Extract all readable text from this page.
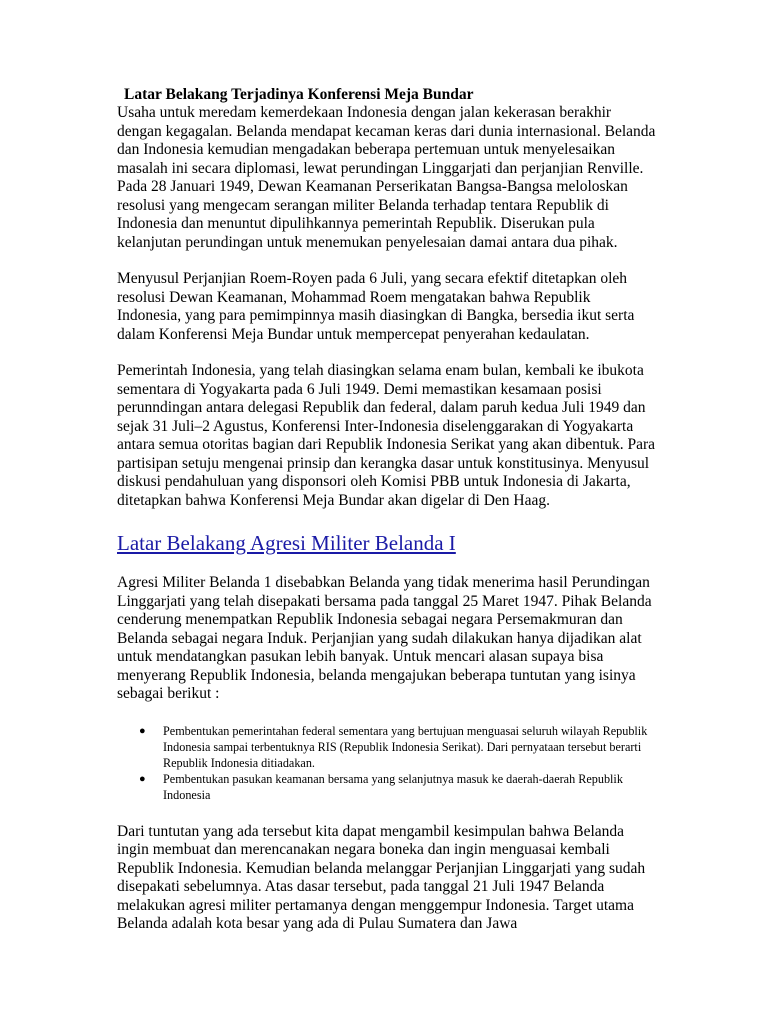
Latar Belakang Terjadinya Konferensi Meja Bundar

Usaha untuk meredam kemerdekaan Indonesia dengan jalan kekerasan berakhir dengan kegagalan. Belanda mendapat kecaman keras dari dunia internasional. Belanda dan Indonesia kemudian mengadakan beberapa pertemuan untuk menyelesaikan masalah ini secara diplomasi, lewat perundingan Linggarjati dan perjanjian Renville. Pada 28 Januari 1949, Dewan Keamanan Perserikatan Bangsa-Bangsa meloloskan resolusi yang mengecam serangan militer Belanda terhadap tentara Republik di Indonesia dan menuntut dipulihkannya pemerintah Republik. Diserukan pula kelanjutan perundingan untuk menemukan penyelesaian damai antara dua pihak.

Menyusul Perjanjian Roem-Royen pada 6 Juli, yang secara efektif ditetapkan oleh resolusi Dewan Keamanan, Mohammad Roem mengatakan bahwa Republik Indonesia, yang para pemimpinnya masih diasingkan di Bangka, bersedia ikut serta dalam Konferensi Meja Bundar untuk mempercepat penyerahan kedaulatan.

Pemerintah Indonesia, yang telah diasingkan selama enam bulan, kembali ke ibukota sementara di Yogyakarta pada 6 Juli 1949. Demi memastikan kesamaan posisi perunndingan antara delegasi Republik dan federal, dalam paruh kedua Juli 1949 dan sejak 31 Juli–2 Agustus, Konferensi Inter-Indonesia diselenggarakan di Yogyakarta antara semua otoritas bagian dari Republik Indonesia Serikat yang akan dibentuk. Para partisipan setuju mengenai prinsip dan kerangka dasar untuk konstitusinya. Menyusul diskusi pendahuluan yang disponsori oleh Komisi PBB untuk Indonesia di Jakarta, ditetapkan bahwa Konferensi Meja Bundar akan digelar di Den Haag.

Latar Belakang Agresi Militer Belanda I

Agresi Militer Belanda 1 disebabkan Belanda yang tidak menerima hasil Perundingan Linggarjati yang telah disepakati bersama pada tanggal 25 Maret 1947. Pihak Belanda cenderung menempatkan Republik Indonesia sebagai negara Persemakmuran dan Belanda sebagai negara Induk. Perjanjian yang sudah dilakukan hanya dijadikan alat untuk mendatangkan pasukan lebih banyak. Untuk mencari alasan supaya bisa menyerang Republik Indonesia, belanda mengajukan beberapa tuntutan yang isinya sebagai berikut :

● Pembentukan pemerintahan federal sementara yang bertujuan menguasai seluruh wilayah Republik Indonesia sampai terbentuknya RIS (Republik Indonesia Serikat). Dari pernyataan tersebut berarti Republik Indonesia ditiadakan.
● Pembentukan pasukan keamanan bersama yang selanjutnya masuk ke daerah-daerah Republik Indonesia

Dari tuntutan yang ada tersebut kita dapat mengambil kesimpulan bahwa Belanda ingin membuat dan merencanakan negara boneka dan ingin menguasai kembali Republik Indonesia. Kemudian belanda melanggar Perjanjian Linggarjati yang sudah disepakati sebelumnya. Atas dasar tersebut, pada tanggal 21 Juli 1947 Belanda melakukan agresi militer pertamanya dengan menggempur Indonesia. Target utama Belanda adalah kota besar yang ada di Pulau Sumatera dan Jawa
